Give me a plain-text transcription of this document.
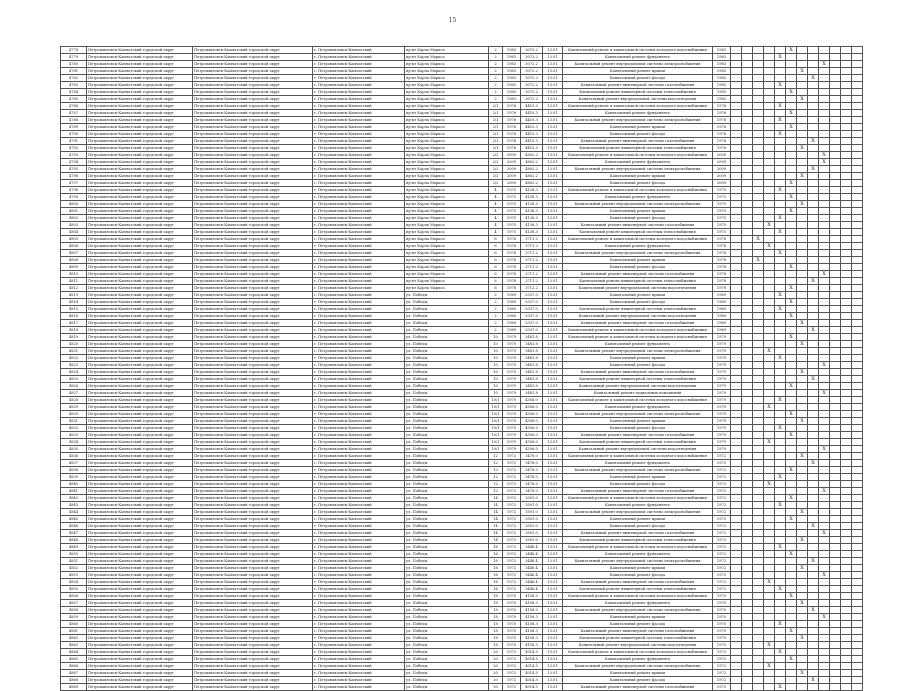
15
4778	Петропавловск-Камчатский городской округ	Петропавловск-Камчатский городской округ	г. Петропавловск-Камчатский	пр-кт Карла Маркса	2	1983	3072.2	13.01	Капитальный ремонт и капитальной системы холодного водоснабжения	1983						X						
4779	Петропавловск-Камчатский городской округ	Петропавловск-Камчатский городской округ	г. Петропавловск-Камчатский	пр-кт Карла Маркса	2	1983	3072.2	13.01	Капитальный ремонт фундамента	1983					X							
4780	Петропавловск-Камчатский городской округ	Петропавловск-Камчатский городской округ	г. Петропавловск-Камчатский	пр-кт Карла Маркса	2	1983	3072.2	13.01	Капитальный ремонт внутридомовой системы электроснабжения	1983									X			
4781	Петропавловск-Камчатский городской округ	Петропавловск-Камчатский городской округ	г. Петропавловск-Камчатский	пр-кт Карла Маркса	2	1983	3072.2	13.01	Капитальный ремонт крыши	1983							X					
4782	Петропавловск-Камчатский городской округ	Петропавловск-Камчатский городской округ	г. Петропавловск-Камчатский	пр-кт Карла Маркса	2	1983	3072.2	13.01	Капитальный ремонт фасада	1983								X				
4783	Петропавловск-Камчатский городской округ	Петропавловск-Камчатский городской округ	г. Петропавловск-Камчатский	пр-кт Карла Маркса	2	1983	3072.2	13.01	Капитальный ремонт инженерной системы газоснабжения	1983					X							
4784	Петропавловск-Камчатский городской округ	Петропавловск-Камчатский городской округ	г. Петропавловск-Камчатский	пр-кт Карла Маркса	2	1983	3072.2	13.01	Капитальный ремонт инженерной системы теплоснабжения	1983						X						
4785	Петропавловск-Камчатский городской округ	Петропавловск-Камчатский городской округ	г. Петропавловск-Камчатский	пр-кт Карла Маркса	2	1983	3072.2	13.01	Капитальный ремонт внутридомовой системы водоотведения	1983							X					
4786	Петропавловск-Камчатский городской округ	Петропавловск-Камчатский городской округ	г. Петропавловск-Камчатский	пр-кт Карла Маркса	2/1	1976	4410.3	13.01	Капитальный ремонт и капитальной системы холодного водоснабжения	1976					X							
4787	Петропавловск-Камчатский городской округ	Петропавловск-Камчатский городской округ	г. Петропавловск-Камчатский	пр-кт Карла Маркса	2/1	1976	4410.3	13.01	Капитальный ремонт фундамента	1976						X						
4788	Петропавловск-Камчатский городской округ	Петропавловск-Камчатский городской округ	г. Петропавловск-Камчатский	пр-кт Карла Маркса	2/1	1976	4410.3	13.01	Капитальный ремонт внутридомовой системы электроснабжения	1976					X							
4789	Петропавловск-Камчатский городской округ	Петропавловск-Камчатский городской округ	г. Петропавловск-Камчатский	пр-кт Карла Маркса	2/1	1976	4410.3	13.01	Капитальный ремонт крыши	1976						X						
4790	Петропавловск-Камчатский городской округ	Петропавловск-Камчатский городской округ	г. Петропавловск-Камчатский	пр-кт Карла Маркса	2/1	1976	4410.3	13.01	Капитальный ремонт фасада	1976					X							
4791	Петропавловск-Камчатский городской округ	Петропавловск-Камчатский городской округ	г. Петропавловск-Камчатский	пр-кт Карла Маркса	2/1	1976	4410.3	13.01	Капитальный ремонт инженерной системы газоснабжения	1976								X				
4792	Петропавловск-Камчатский городской округ	Петропавловск-Камчатский городской округ	г. Петропавловск-Камчатский	пр-кт Карла Маркса	2/1	1976	4410.3	13.01	Капитальный ремонт инженерной системы теплоснабжения	1976							X					
4793	Петропавловск-Камчатский городской округ	Петропавловск-Камчатский городской округ	г. Петропавловск-Камчатский	пр-кт Карла Маркса	2/2	2009	4802.2	13.01	Капитальный ремонт и капитальной системы холодного водоснабжения	2009									X			
4794	Петропавловск-Камчатский городской округ	Петропавловск-Камчатский городской округ	г. Петропавловск-Камчатский	пр-кт Карла Маркса	2/2	2009	4802.2	13.01	Капитальный ремонт фундамента	2009									X			
4795	Петропавловск-Камчатский городской округ	Петропавловск-Камчатский городской округ	г. Петропавловск-Камчатский	пр-кт Карла Маркса	2/2	2009	4802.2	13.01	Капитальный ремонт внутридомовой системы электроснабжения	2009								X				
4796	Петропавловск-Камчатский городской округ	Петропавловск-Камчатский городской округ	г. Петропавловск-Камчатский	пр-кт Карла Маркса	2/2	2009	4802.2	13.01	Капитальный ремонт крыши	2009							X					
4797	Петропавловск-Камчатский городской округ	Петропавловск-Камчатский городской округ	г. Петропавловск-Камчатский	пр-кт Карла Маркса	2/2	2009	4802.2	13.01	Капитальный ремонт фасада	2009						X						
4798	Петропавловск-Камчатский городской округ	Петропавловск-Камчатский городской округ	г. Петропавловск-Камчатский	пр-кт Карла Маркса	4	1975	4138.3	13.01	Капитальный ремонт и капитальной системы холодного водоснабжения	1975					X							
4799	Петропавловск-Камчатский городской округ	Петропавловск-Камчатский городской округ	г. Петропавловск-Камчатский	пр-кт Карла Маркса	4	1975	4138.3	13.01	Капитальный ремонт фундамента	1975						X						
4800	Петропавловск-Камчатский городской округ	Петропавловск-Камчатский городской округ	г. Петропавловск-Камчатский	пр-кт Карла Маркса	4	1975	4138.3	13.01	Капитальный ремонт внутридомовой системы электроснабжения	1975							X					
4801	Петропавловск-Камчатский городской округ	Петропавловск-Камчатский городской округ	г. Петропавловск-Камчатский	пр-кт Карла Маркса	4	1975	4138.3	13.01	Капитальный ремонт крыши	1975						X						
4802	Петропавловск-Камчатский городской округ	Петропавловск-Камчатский городской округ	г. Петропавловск-Камчатский	пр-кт Карла Маркса	4	1975	4138.3	13.01	Капитальный ремонт фасада	1975					X							
4803	Петропавловск-Камчатский городской округ	Петропавловск-Камчатский городской округ	г. Петропавловск-Камчатский	пр-кт Карла Маркса	4	1975	4138.3	13.01	Капитальный ремонт инженерной системы газоснабжения	1975				X								
4804	Петропавловск-Камчатский городской округ	Петропавловск-Камчатский городской округ	г. Петропавловск-Камчатский	пр-кт Карла Маркса	4	1975	4138.3	13.01	Капитальный ремонт инженерной системы теплоснабжения	1975					X							
4805	Петропавловск-Камчатский городской округ	Петропавловск-Камчатский городской округ	г. Петропавловск-Камчатский	пр-кт Карла Маркса	6	1978	3711.2	13.01	Капитальный ремонт и капитальной системы холодного водоснабжения	1978			X									
4806	Петропавловск-Камчатский городской округ	Петропавловск-Камчатский городской округ	г. Петропавловск-Камчатский	пр-кт Карла Маркса	6	1978	3711.2	13.01	Капитальный ремонт фундамента	1978				X								
4807	Петропавловск-Камчатский городской округ	Петропавловск-Камчатский городской округ	г. Петропавловск-Камчатский	пр-кт Карла Маркса	6	1978	3711.2	13.01	Капитальный ремонт внутридомовой системы электроснабжения	1978					X							
4808	Петропавловск-Камчатский городской округ	Петропавловск-Камчатский городской округ	г. Петропавловск-Камчатский	пр-кт Карла Маркса	6	1978	3711.2	13.01	Капитальный ремонт крыши	1978			X									
4809	Петропавловск-Камчатский городской округ	Петропавловск-Камчатский городской округ	г. Петропавловск-Камчатский	пр-кт Карла Маркса	6	1978	3711.2	13.01	Капитальный ремонт фасада	1978						X						
4810	Петропавловск-Камчатский городской округ	Петропавловск-Камчатский городской округ	г. Петропавловск-Камчатский	пр-кт Карла Маркса	6	1978	3711.2	13.01	Капитальный ремонт инженерной системы газоснабжения	1978									X			
4811	Петропавловск-Камчатский городской округ	Петропавловск-Камчатский городской округ	г. Петропавловск-Камчатский	пр-кт Карла Маркса	6	1978	3711.2	13.01	Капитальный ремонт инженерной системы теплоснабжения	1978								X				
4812	Петропавловск-Камчатский городской округ	Петропавловск-Камчатский городской округ	г. Петропавловск-Камчатский	пр-кт Карла Маркса	6	1978	3711.2	13.01	Капитальный ремонт внутридомовой системы водоотведения	1978						X						
4813	Петропавловск-Камчатский городской округ	Петропавловск-Камчатский городской округ	г. Петропавловск-Камчатский	ул. Победы	2	1969	5337.0	13.01	Капитальный ремонт крыши	1969					X							
4814	Петропавловск-Камчатский городской округ	Петропавловск-Камчатский городской округ	г. Петропавловск-Камчатский	ул. Победы	2	1969	5337.0	13.01	Капитальный ремонт фасада	1969						X						
4815	Петропавловск-Камчатский городской округ	Петропавловск-Камчатский городской округ	г. Петропавловск-Камчатский	ул. Победы	2	1969	5337.0	13.01	Капитальный ремонт инженерной системы теплоснабжения	1969					X							
4816	Петропавловск-Камчатский городской округ	Петропавловск-Камчатский городской округ	г. Петропавловск-Камчатский	ул. Победы	2	1969	5337.0	13.01	Капитальный ремонт внутридомовой системы водоотведения	1969						X						
4817	Петропавловск-Камчатский городской округ	Петропавловск-Камчатский городской округ	г. Петропавловск-Камчатский	ул. Победы	2	1969	5337.0	13.01	Капитальный ремонт инженерной системы газоснабжения	1969							X					
4818	Петропавловск-Камчатский городской округ	Петропавловск-Камчатский городской округ	г. Петропавловск-Камчатский	ул. Победы	2	1969	5337.0	13.01	Капитальный ремонт и капитальной системы холодного водоснабжения	1969								X				
4819	Петропавловск-Камчатский городской округ	Петропавловск-Камчатский городской округ	г. Петропавловск-Камчатский	ул. Победы	10	1979	3481.8	13.01	Капитальный ремонт и капитальной системы холодного водоснабжения	1979						X						
4820	Петропавловск-Камчатский городской округ	Петропавловск-Камчатский городской округ	г. Петропавловск-Камчатский	ул. Победы	10	1979	3481.8	13.01	Капитальный ремонт фундамента	1979							X					
4821	Петропавловск-Камчатский городской округ	Петропавловск-Камчатский городской округ	г. Петропавловск-Камчатский	ул. Победы	10	1979	3481.8	13.01	Капитальный ремонт внутридомовой системы электроснабжения	1979				X								
4822	Петропавловск-Камчатский городской округ	Петропавловск-Камчатский городской округ	г. Петропавловск-Камчатский	ул. Победы	10	1979	3481.8	13.01	Капитальный ремонт крыши	1979					X							
4823	Петропавловск-Камчатский городской округ	Петропавловск-Камчатский городской округ	г. Петропавловск-Камчатский	ул. Победы	10	1979	3481.8	13.01	Капитальный ремонт фасада	1979									X			
4824	Петропавловск-Камчатский городской округ	Петропавловск-Камчатский городской округ	г. Петропавловск-Камчатский	ул. Победы	10	1979	3481.8	13.01	Капитальный ремонт инженерной системы газоснабжения	1979							X					
4825	Петропавловск-Камчатский городской округ	Петропавловск-Камчатский городской округ	г. Петропавловск-Камчатский	ул. Победы	10	1979	3481.8	13.01	Капитальный ремонт инженерной системы теплоснабжения	1979								X				
4826	Петропавловск-Камчатский городской округ	Петропавловск-Камчатский городской округ	г. Петропавловск-Камчатский	ул. Победы	10	1979	3481.8	13.01	Капитальный ремонт внутридомовой системы водоотведения	1979						X						
4827	Петропавловск-Камчатский городской округ	Петропавловск-Камчатский городской округ	г. Петропавловск-Камчатский	ул. Победы	10	1979	3481.8	13.01	Капитальный ремонт подвальных помещений	1979									X			
4828	Петропавловск-Камчатский городской округ	Петропавловск-Камчатский городской округ	г. Петропавловск-Камчатский	ул. Победы	10/1	1979	4556.0	13.01	Капитальный ремонт и капитальной системы холодного водоснабжения	1979					X							
4829	Петропавловск-Камчатский городской округ	Петропавловск-Камчатский городской округ	г. Петропавловск-Камчатский	ул. Победы	10/1	1979	4556.0	13.01	Капитальный ремонт фундамента	1979				X								
4830	Петропавловск-Камчатский городской округ	Петропавловск-Камчатский городской округ	г. Петропавловск-Камчатский	ул. Победы	10/1	1979	4556.0	13.01	Капитальный ремонт внутридомовой системы электроснабжения	1979						X						
4831	Петропавловск-Камчатский городской округ	Петропавловск-Камчатский городской округ	г. Петропавловск-Камчатский	ул. Победы	10/1	1979	4556.0	13.01	Капитальный ремонт крыши	1979							X					
4832	Петропавловск-Камчатский городской округ	Петропавловск-Камчатский городской округ	г. Петропавловск-Камчатский	ул. Победы	10/1	1979	4556.0	13.01	Капитальный ремонт фасада	1979					X							
4833	Петропавловск-Камчатский городской округ	Петропавловск-Камчатский городской округ	г. Петропавловск-Камчатский	ул. Победы	10/1	1979	4556.0	13.01	Капитальный ремонт инженерной системы газоснабжения	1979						X						
4834	Петропавловск-Камчатский городской округ	Петропавловск-Камчатский городской округ	г. Петропавловск-Камчатский	ул. Победы	10/1	1979	4556.0	13.01	Капитальный ремонт инженерной системы теплоснабжения	1979				X								
4835	Петропавловск-Камчатский городской округ	Петропавловск-Камчатский городской округ	г. Петропавловск-Камчатский	ул. Победы	10/1	1979	4556.0	13.01	Капитальный ремонт внутридомовой системы водоотведения	1979									X			
4836	Петропавловск-Камчатский городской округ	Петропавловск-Камчатский городской округ	г. Петропавловск-Камчатский	ул. Победы	12	1972	3478.0	13.01	Капитальный ремонт и капитальной системы холодного водоснабжения	1972							X					
4837	Петропавловск-Камчатский городской округ	Петропавловск-Камчатский городской округ	г. Петропавловск-Камчатский	ул. Победы	12	1972	3478.0	13.01	Капитальный ремонт фундамента	1972								X				
4838	Петропавловск-Камчатский городской округ	Петропавловск-Камчатский городской округ	г. Петропавловск-Камчатский	ул. Победы	12	1972	3478.0	13.01	Капитальный ремонт внутридомовой системы электроснабжения	1972						X						
4839	Петропавловск-Камчатский городской округ	Петропавловск-Камчатский городской округ	г. Петропавловск-Камчатский	ул. Победы	12	1972	3478.0	13.01	Капитальный ремонт крыши	1972					X							
4840	Петропавловск-Камчатский городской округ	Петропавловск-Камчатский городской округ	г. Петропавловск-Камчатский	ул. Победы	12	1972	3478.0	13.01	Капитальный ремонт фасада	1972				X								
4841	Петропавловск-Камчатский городской округ	Петропавловск-Камчатский городской округ	г. Петропавловск-Камчатский	ул. Победы	12	1972	3478.0	13.01	Капитальный ремонт инженерной системы газоснабжения	1972									X			
4842	Петропавловск-Камчатский городской округ	Петропавловск-Камчатский городской округ	г. Петропавловск-Камчатский	ул. Победы	14	1972	3501.0	13.01	Капитальный ремонт и капитальной системы холодного водоснабжения	1972						X						
4843	Петропавловск-Камчатский городской округ	Петропавловск-Камчатский городской округ	г. Петропавловск-Камчатский	ул. Победы	14	1972	3501.0	13.01	Капитальный ремонт фундамента	1972					X							
4844	Петропавловск-Камчатский городской округ	Петропавловск-Камчатский городской округ	г. Петропавловск-Камчатский	ул. Победы	14	1972	3501.0	13.01	Капитальный ремонт внутридомовой системы электроснабжения	1972							X					
4845	Петропавловск-Камчатский городской округ	Петропавловск-Камчатский городской округ	г. Петропавловск-Камчатский	ул. Победы	14	1972	3501.0	13.01	Капитальный ремонт крыши	1972						X						
4846	Петропавловск-Камчатский городской округ	Петропавловск-Камчатский городской округ	г. Петропавловск-Камчатский	ул. Победы	14	1972	3501.0	13.01	Капитальный ремонт фасада	1972								X				
4847	Петропавловск-Камчатский городской округ	Петропавловск-Камчатский городской округ	г. Петропавловск-Камчатский	ул. Победы	14	1972	3501.0	13.01	Капитальный ремонт инженерной системы газоснабжения	1972									X			
4848	Петропавловск-Камчатский городской округ	Петропавловск-Камчатский городской округ	г. Петропавловск-Камчатский	ул. Победы	14	1972	3501.0	13.01	Капитальный ремонт инженерной системы теплоснабжения	1972							X					
4849	Петропавловск-Камчатский городской округ	Петропавловск-Камчатский городской округ	г. Петропавловск-Камчатский	ул. Победы	16	1972	3446.4	13.01	Капитальный ремонт и капитальной системы холодного водоснабжения	1972					X							
4850	Петропавловск-Камчатский городской округ	Петропавловск-Камчатский городской округ	г. Петропавловск-Камчатский	ул. Победы	16	1972	3446.4	13.01	Капитальный ремонт фундамента	1972						X						
4851	Петропавловск-Камчатский городской округ	Петропавловск-Камчатский городской округ	г. Петропавловск-Камчатский	ул. Победы	16	1972	3446.4	13.01	Капитальный ремонт внутридомовой системы электроснабжения	1972								X				
4852	Петропавловск-Камчатский городской округ	Петропавловск-Камчатский городской округ	г. Петропавловск-Камчатский	ул. Победы	16	1972	3446.4	13.01	Капитальный ремонт крыши	1972							X					
4853	Петропавловск-Камчатский городской округ	Петропавловск-Камчатский городской округ	г. Петропавловск-Камчатский	ул. Победы	16	1972	3446.4	13.01	Капитальный ремонт фасада	1972									X			
4854	Петропавловск-Камчатский городской округ	Петропавловск-Камчатский городской округ	г. Петропавловск-Камчатский	ул. Победы	16	1972	3446.4	13.01	Капитальный ремонт инженерной системы газоснабжения	1972				X								
4855	Петропавловск-Камчатский городской округ	Петропавловск-Камчатский городской округ	г. Петропавловск-Камчатский	ул. Победы	16	1972	3446.4	13.01	Капитальный ремонт инженерной системы теплоснабжения	1972					X							
4856	Петропавловск-Камчатский городской округ	Петропавловск-Камчатский городской округ	г. Петропавловск-Камчатский	ул. Победы	18	1970	4158.3	13.01	Капитальный ремонт и капитальной системы холодного водоснабжения	1970						X						
4857	Петропавловск-Камчатский городской округ	Петропавловск-Камчатский городской округ	г. Петропавловск-Камчатский	ул. Победы	18	1970	4158.3	13.01	Капитальный ремонт фундамента	1970							X					
4858	Петропавловск-Камчатский городской округ	Петропавловск-Камчатский городской округ	г. Петропавловск-Камчатский	ул. Победы	18	1970	4158.3	13.01	Капитальный ремонт внутридомовой системы электроснабжения	1970								X				
4859	Петропавловск-Камчатский городской округ	Петропавловск-Камчатский городской округ	г. Петропавловск-Камчатский	ул. Победы	18	1970	4158.3	13.01	Капитальный ремонт крыши	1970									X			
4860	Петропавловск-Камчатский городской округ	Петропавловск-Камчатский городской округ	г. Петропавловск-Камчатский	ул. Победы	18	1970	4158.3	13.01	Капитальный ремонт фасада	1970					X							
4861	Петропавловск-Камчатский городской округ	Петропавловск-Камчатский городской округ	г. Петропавловск-Камчатский	ул. Победы	18	1970	4158.3	13.01	Капитальный ремонт инженерной системы газоснабжения	1970						X						
4862	Петропавловск-Камчатский городской округ	Петропавловск-Камчатский городской округ	г. Петропавловск-Камчатский	ул. Победы	18	1970	4158.3	13.01	Капитальный ремонт инженерной системы теплоснабжения	1970							X					
4863	Петропавловск-Камчатский городской округ	Петропавловск-Камчатский городской округ	г. Петропавловск-Камчатский	ул. Победы	18	1970	4158.3	13.01	Капитальный ремонт внутридомовой системы водоотведения	1970				X								
4864	Петропавловск-Камчатский городской округ	Петропавловск-Камчатский городской округ	г. Петропавловск-Камчатский	ул. Победы	20	1972	4014.5	13.01	Капитальный ремонт и капитальной системы холодного водоснабжения	1972					X							
4865	Петропавловск-Камчатский городской округ	Петропавловск-Камчатский городской округ	г. Петропавловск-Камчатский	ул. Победы	20	1972	4014.5	13.01	Капитальный ремонт фундамента	1972						X						
4866	Петропавловск-Камчатский городской округ	Петропавловск-Камчатский городской округ	г. Петропавловск-Камчатский	ул. Победы	20	1972	4014.5	13.01	Капитальный ремонт внутридомовой системы электроснабжения	1972				X								
4867	Петропавловск-Камчатский городской округ	Петропавловск-Камчатский городской округ	г. Петропавловск-Камчатский	ул. Победы	20	1972	4014.5	13.01	Капитальный ремонт крыши	1972							X					
4868	Петропавловск-Камчатский городской округ	Петропавловск-Камчатский городской округ	г. Петропавловск-Камчатский	ул. Победы	20	1972	4014.5	13.01	Капитальный ремонт фасада	1972								X				
4869	Петропавловск-Камчатский городской округ	Петропавловск-Камчатский городской округ	г. Петропавловск-Камчатский	ул. Победы	20	1972	4014.5	13.01	Капитальный ремонт инженерной системы газоснабжения	1972					X							
